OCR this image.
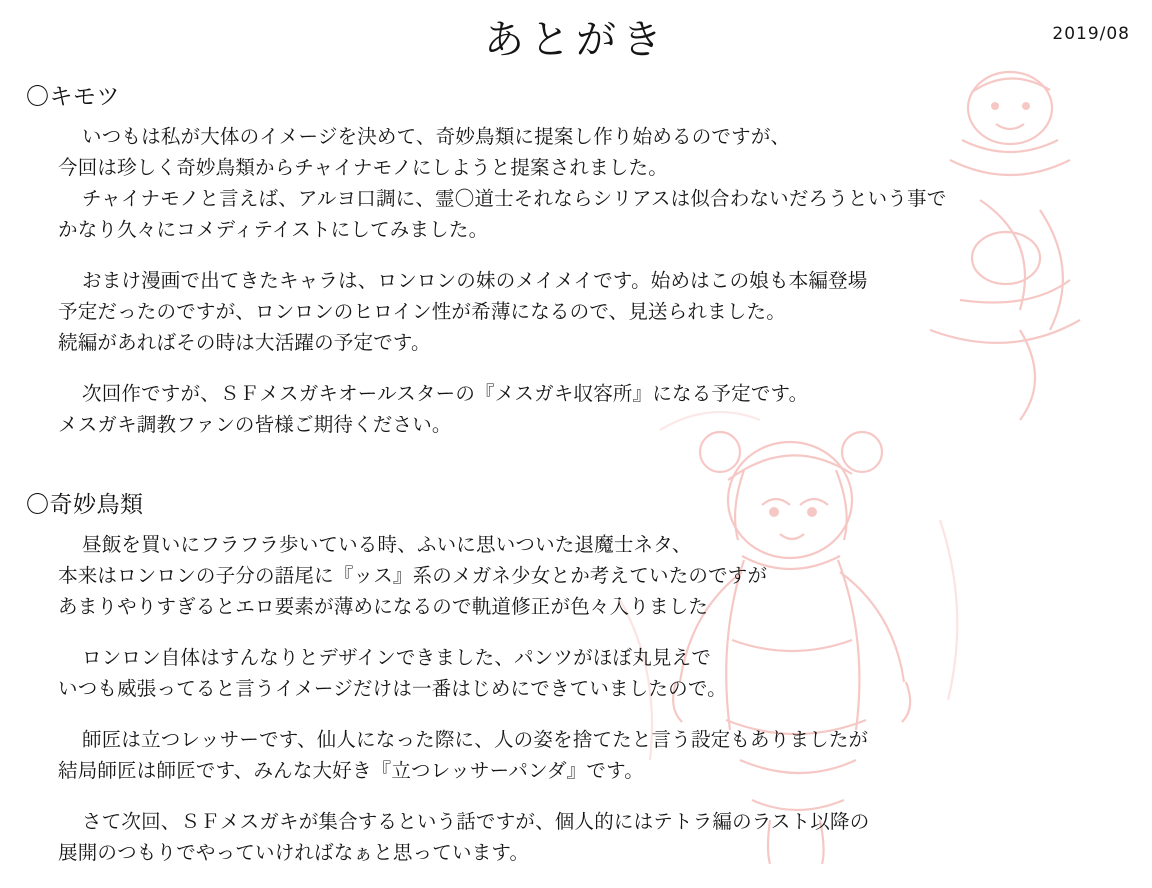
あとがき	2019/08
〇キモツ
いつもは私が大体のイメージを決めて、奇妙鳥類に提案し作り始めるのですが、
今回は珍しく奇妙鳥類からチャイナモノにしようと提案されました。
チャイナモノと言えば、アルヨ口調に、霊〇道士それならシリアスは似合わないだろうという事で
かなり久々にコメディテイストにしてみました。
おまけ漫画で出てきたキャラは、ロンロンの妹のメイメイです。始めはこの娘も本編登場
予定だったのですが、ロンロンのヒロイン性が希薄になるので、見送られました。
続編があればその時は大活躍の予定です。
次回作ですが、ＳＦメスガキオールスターの『メスガキ収容所』になる予定です。
メスガキ調教ファンの皆様ご期待ください。
〇奇妙鳥類
昼飯を買いにフラフラ歩いている時、ふいに思いついた退魔士ネタ、
本来はロンロンの子分の語尾に『ッス』系のメガネ少女とか考えていたのですが
あまりやりすぎるとエロ要素が薄めになるので軌道修正が色々入りました
ロンロン自体はすんなりとデザインできました、パンツがほぼ丸見えで
いつも威張ってると言うイメージだけは一番はじめにできていましたので。
師匠は立つレッサーです、仙人になった際に、人の姿を捨てたと言う設定もありましたが
結局師匠は師匠です、みんな大好き『立つレッサーパンダ』です。
さて次回、ＳＦメスガキが集合するという話ですが、個人的にはテトラ編のラスト以降の
展開のつもりでやっていければなぁと思っています。
